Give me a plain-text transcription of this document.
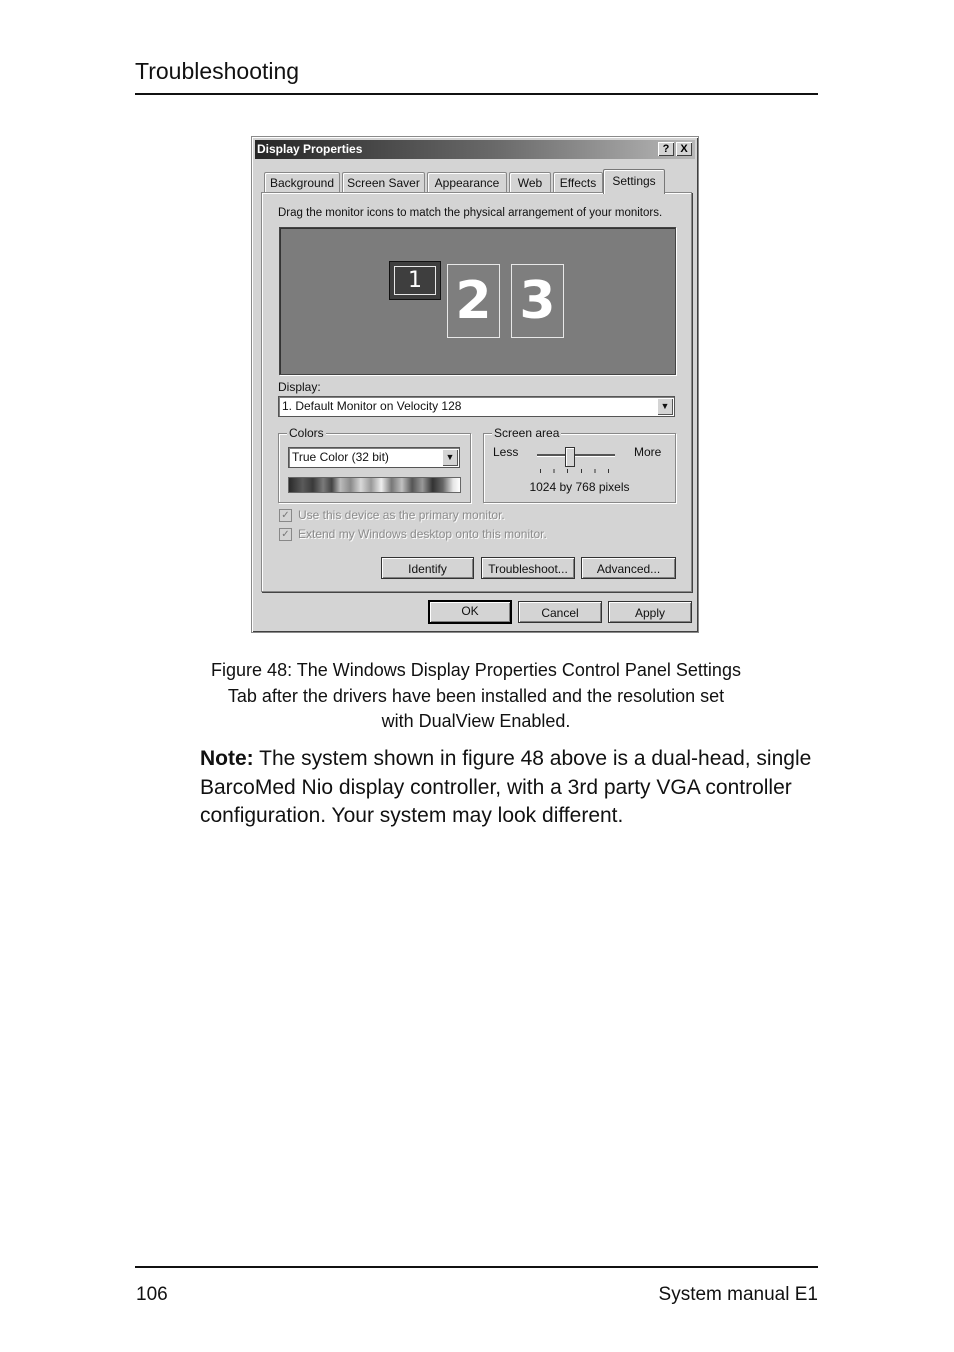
Troubleshooting
Display Properties	? X
Background	Screen Saver	Appearance	Web	Effects	Settings
Drag the monitor icons to match the physical arrangement of your monitors.
1 2 3
Display:
1. Default Monitor on Velocity 128	▼
Colors
True Color (32 bit)	▼
Screen area
Less	More
1024 by 768 pixels
✓ Use this device as the primary monitor.
✓ Extend my Windows desktop onto this monitor.
Identify	Troubleshoot...	Advanced...
OK	Cancel	Apply
Figure 48: The Windows Display Properties Control Panel Settings
Tab after the drivers have been installed and the resolution set
with DualView Enabled.
Note: The system shown in figure 48 above is a dual-head, single BarcoMed Nio display controller, with a 3rd party VGA controller configuration. Your system may look different.
106	System manual E1
